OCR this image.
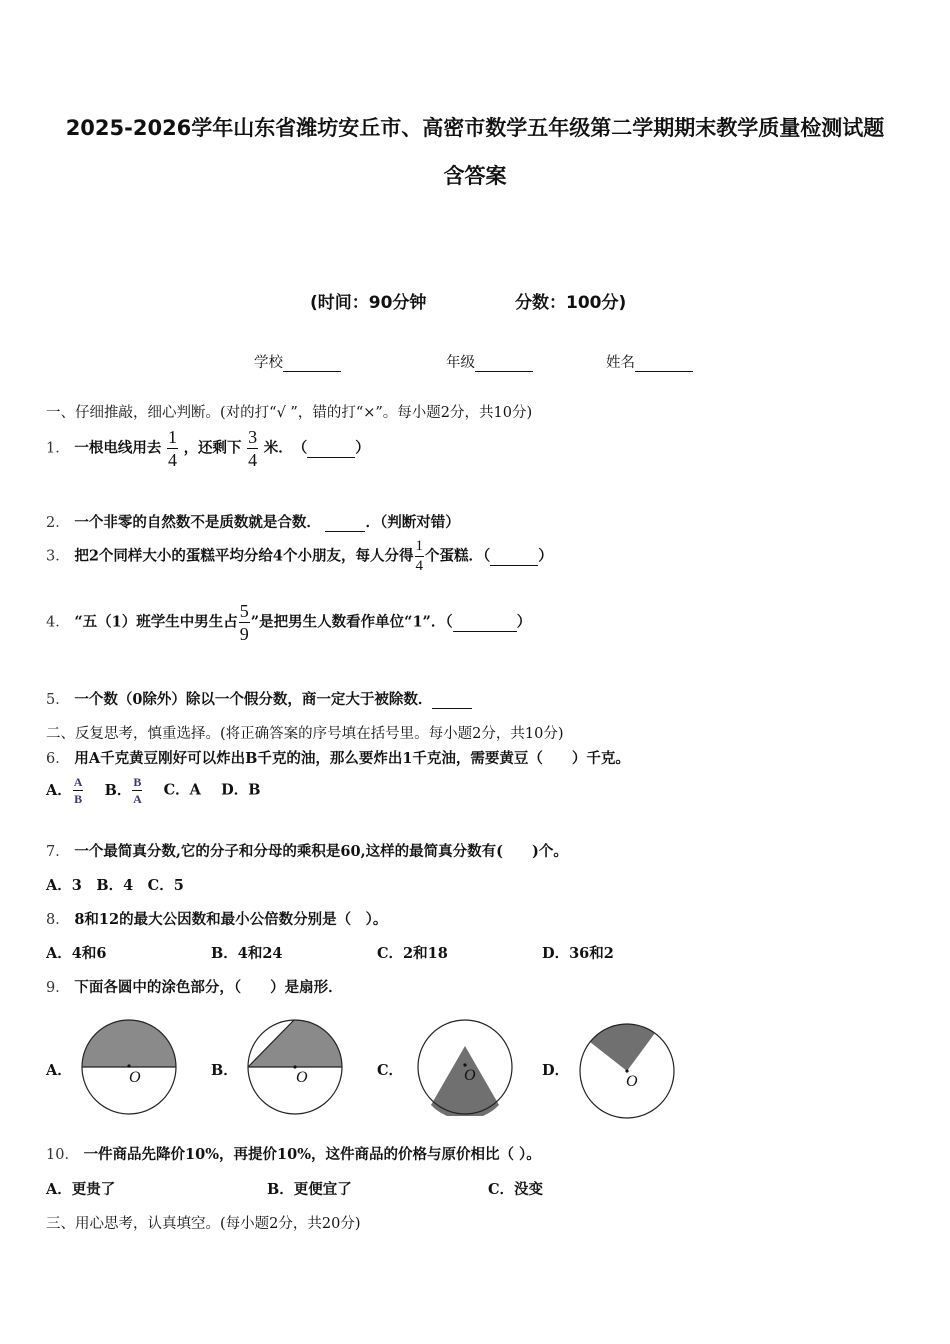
2025-2026学年山东省潍坊安丘市、高密市数学五年级第二学期期末教学质量检测试题
含答案
(时间：90分钟	分数：100分)
学校	年级	姓名
一、仔细推敲，细心判断。(对的打“√ ”，错的打“×”。每小题2分，共10分)
1． 一根电线用去 $\frac{1}{4}$ ，还剩下 $\frac{3}{4}$ 米．　（	）
2． 一个非零的自然数不是质数就是合数．	．（判断对错）
3． 把2个同样大小的蛋糕平均分给4个小朋友，每人分得 $\frac{1}{4}$ 个蛋糕．（	）
4． “五（1）班学生中男生占 $\frac{5}{9}$ ”是把男生人数看作单位“1”．（	）
5． 一个数（0除外）除以一个假分数，商一定大于被除数．
二、反复思考，慎重选择。(将正确答案的序号填在括号里。每小题2分，共10分)
6． 用A千克黄豆刚好可以炸出B千克的油，那么要炸出1千克油，需要黄豆（　　）千克。
A． $\frac{A}{B}$ B． $\frac{B}{A}$ C．A D．B
7． 一个最简真分数,它的分子和分母的乘积是60,这样的最简真分数有(　　)个。
A．3　B．4　C．5
8． 8和12的最大公因数和最小公倍数分别是（　）。
A．4和6	B．4和24	C．2和18	D．36和2
9． 下面各圆中的涂色部分，（　　）是扇形．
A．	O	B．	O	C．	O	D．
O
10． 一件商品先降价10%，再提价10%，这件商品的价格与原价相比（ ）。
A．更贵了	B．更便宜了	C．没变
三、用心思考，认真填空。(每小题2分，共20分)
